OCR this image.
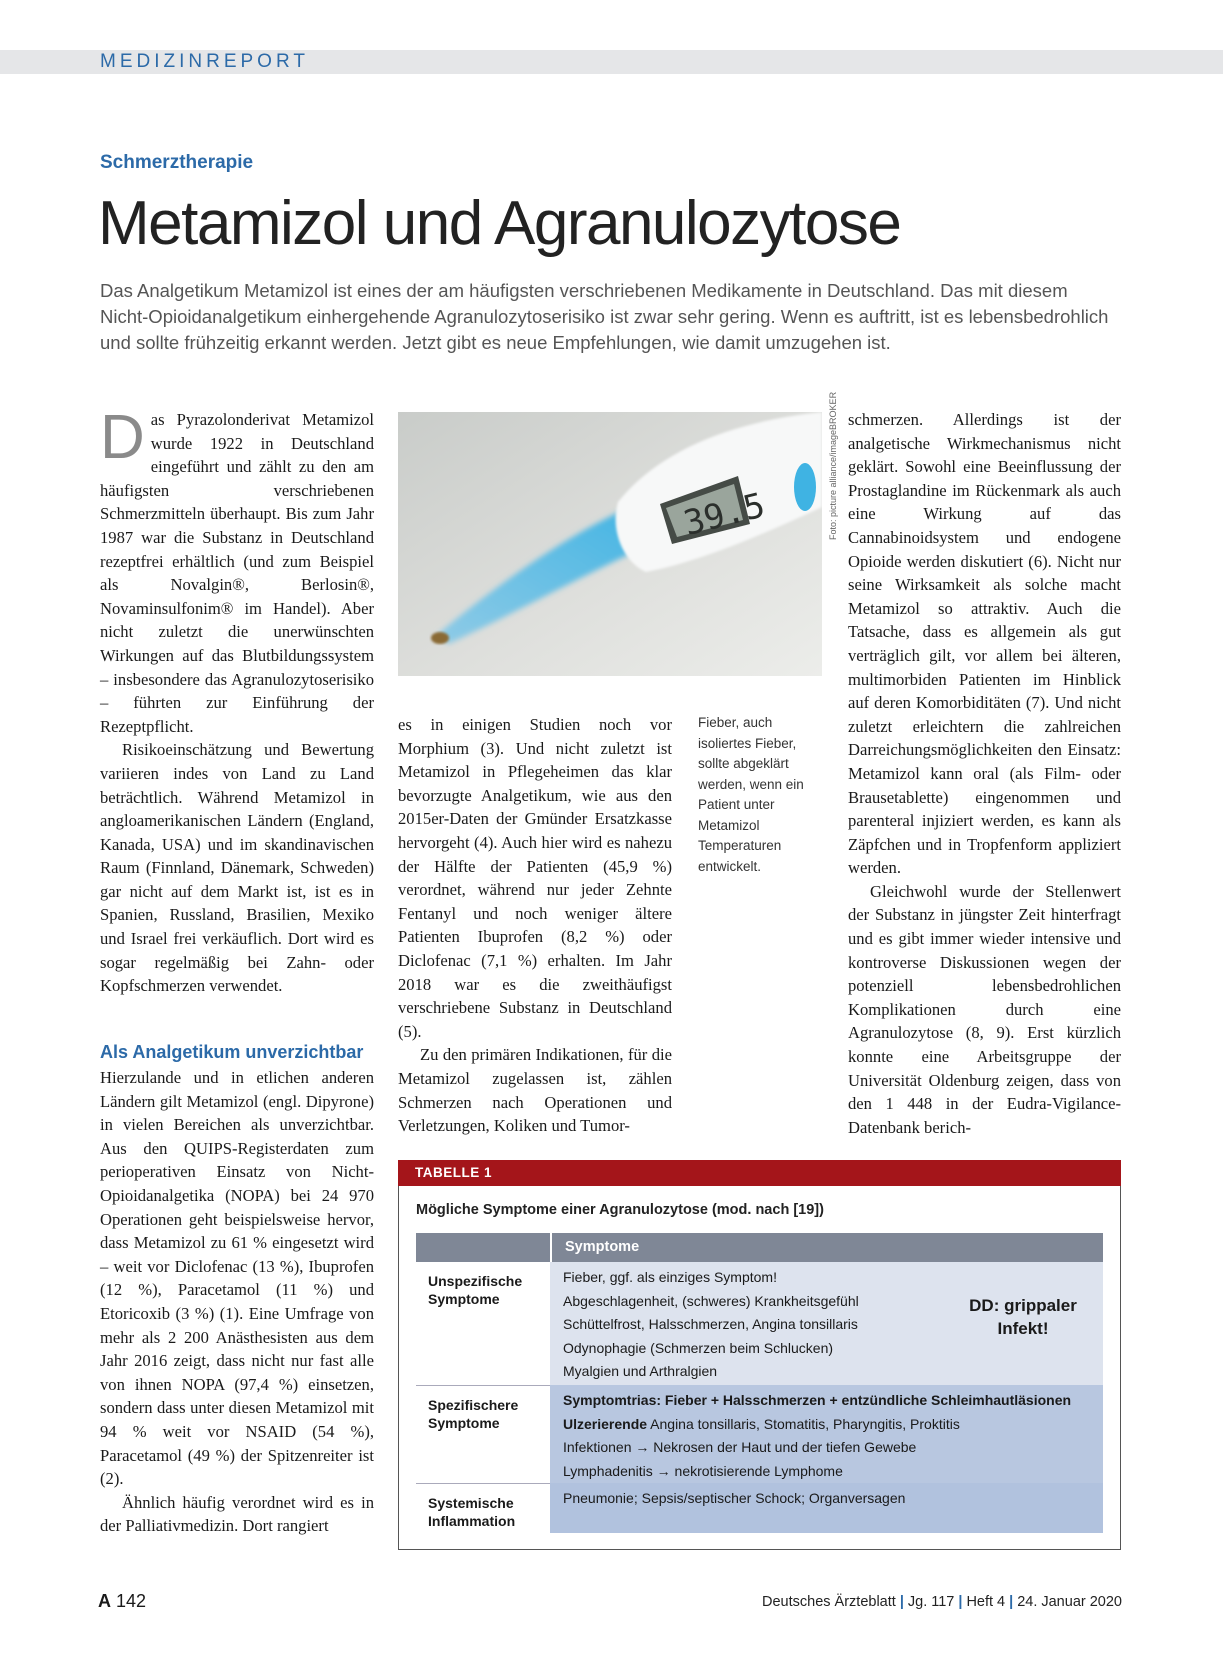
MEDIZINREPORT
Schmerztherapie
Metamizol und Agranulozytose
Das Analgetikum Metamizol ist eines der am häufigsten verschriebenen Medikamente in Deutschland. Das mit diesem Nicht-Opioidanalgetikum einhergehende Agranulozytoserisiko ist zwar sehr gering. Wenn es auftritt, ist es lebensbedrohlich und sollte frühzeitig erkannt werden. Jetzt gibt es neue Empfehlungen, wie damit umzugehen ist.

Das Pyrazolonderivat Metamizol wurde 1922 in Deutschland eingeführt und zählt zu den am häufigsten verschriebenen Schmerzmitteln überhaupt. Bis zum Jahr 1987 war die Substanz in Deutschland rezeptfrei erhältlich (und zum Beispiel als Novalgin®, Berlosin®, Novaminsulfonim® im Handel). Aber nicht zuletzt die unerwünschten Wirkungen auf das Blutbildungssystem – insbesondere das Agranulozytoserisiko – führten zur Einführung der Rezeptpflicht.

Risikoeinschätzung und Bewertung variieren indes von Land zu Land beträchtlich. Während Metamizol in angloamerikanischen Ländern (England, Kanada, USA) und im skandinavischen Raum (Finnland, Dänemark, Schweden) gar nicht auf dem Markt ist, ist es in Spanien, Russland, Brasilien, Mexiko und Israel frei verkäuflich. Dort wird es sogar regelmäßig bei Zahn- oder Kopfschmerzen verwendet.

Als Analgetikum unverzichtbar

Hierzulande und in etlichen anderen Ländern gilt Metamizol (engl. Dipyrone) in vielen Bereichen als unverzichtbar. Aus den QUIPS-Registerdaten zum perioperativen Einsatz von Nicht-Opioidanalgetika (NOPA) bei 24 970 Operationen geht beispielsweise hervor, dass Metamizol zu 61 % eingesetzt wird – weit vor Diclofenac (13 %), Ibuprofen (12 %), Paracetamol (11 %) und Etoricoxib (3 %) (1). Eine Umfrage von mehr als 2 200 Anästhesisten aus dem Jahr 2016 zeigt, dass nicht nur fast alle von ihnen NOPA (97,4 %) einsetzen, sondern dass unter diesen Metamizol mit 94 % weit vor NSAID (54 %), Paracetamol (49 %) der Spitzenreiter ist (2).

Ähnlich häufig verordnet wird es in der Palliativmedizin. Dort rangiert

39.5	Foto: picture alliance/imageBROKER
Fieber, auch isoliertes Fieber, sollte abgeklärt werden, wenn ein Patient unter Metamizol Temperaturen entwickelt.

es in einigen Studien noch vor Morphium (3). Und nicht zuletzt ist Metamizol in Pflegeheimen das klar bevorzugte Analgetikum, wie aus den 2015er-Daten der Gmünder Ersatzkasse hervorgeht (4). Auch hier wird es nahezu der Hälfte der Patienten (45,9 %) verordnet, während nur jeder Zehnte Fentanyl und noch weniger ältere Patienten Ibuprofen (8,2 %) oder Diclofenac (7,1 %) erhalten. Im Jahr 2018 war es die zweithäufigst verschriebene Substanz in Deutschland (5).

Zu den primären Indikationen, für die Metamizol zugelassen ist, zählen Schmerzen nach Operationen und Verletzungen, Koliken und Tumor-

schmerzen. Allerdings ist der analgetische Wirkmechanismus nicht geklärt. Sowohl eine Beeinflussung der Prostaglandine im Rückenmark als auch eine Wirkung auf das Cannabinoidsystem und endogene Opioide werden diskutiert (6). Nicht nur seine Wirksamkeit als solche macht Metamizol so attraktiv. Auch die Tatsache, dass es allgemein als gut verträglich gilt, vor allem bei älteren, multimorbiden Patienten im Hinblick auf deren Komorbiditäten (7). Und nicht zuletzt erleichtern die zahlreichen Darreichungsmöglichkeiten den Einsatz: Metamizol kann oral (als Film- oder Brausetablette) eingenommen und parenteral injiziert werden, es kann als Zäpfchen und in Tropfenform appliziert werden.

Gleichwohl wurde der Stellenwert der Substanz in jüngster Zeit hinterfragt und es gibt immer wieder intensive und kontroverse Diskussionen wegen der potenziell lebensbedrohlichen Komplikationen durch eine Agranulozytose (8, 9). Erst kürzlich konnte eine Arbeitsgruppe der Universität Oldenburg zeigen, dass von den 1 448 in der Eudra-Vigilance-Datenbank berich-

TABELLE 1
Mögliche Symptome einer Agranulozytose (mod. nach [19])
Symptome
Unspezifische Symptome
Fieber, ggf. als einziges Symptom!
Abgeschlagenheit, (schweres) Krankheitsgefühl
Schüttelfrost, Halsschmerzen, Angina tonsillaris
Odynophagie (Schmerzen beim Schlucken)
Myalgien und Arthralgien
DD: grippaler Infekt!
Spezifischere Symptome
Symptomtrias: Fieber + Halsschmerzen + entzündliche Schleimhautläsionen
Ulzerierende Angina tonsillaris, Stomatitis, Pharyngitis, Proktitis
Infektionen → Nekrosen der Haut und der tiefen Gewebe
Lymphadenitis → nekrotisierende Lymphome
Systemische Inflammation
Pneumonie; Sepsis/septischer Schock; Organversagen
A 142	Deutsches Ärzteblatt | Jg. 117 | Heft 4 | 24. Januar 2020
